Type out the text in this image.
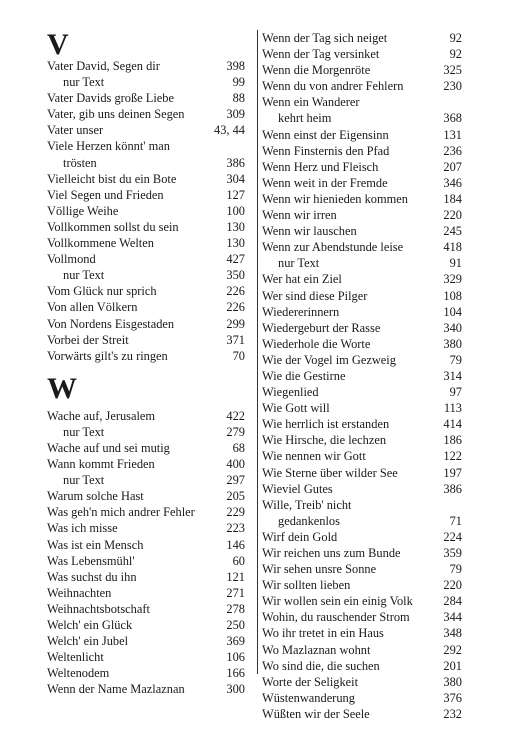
V
Vater David, Segen dir	398
nur Text	99
Vater Davids große Liebe	88
Vater, gib uns deinen Segen	309
Vater unser	43, 44
Viele Herzen könnt' man
trösten	386
Vielleicht bist du ein Bote	304
Viel Segen und Frieden	127
Völlige Weihe	100
Vollkommen sollst du sein	130
Vollkommene Welten	130
Vollmond	427
nur Text	350
Vom Glück nur sprich	226
Von allen Völkern	226
Von Nordens Eisgestaden	299
Vorbei der Streit	371
Vorwärts gilt's zu ringen	70
W
Wache auf, Jerusalem	422
nur Text	279
Wache auf und sei mutig	68
Wann kommt Frieden	400
nur Text	297
Warum solche Hast	205
Was geh'n mich andrer Fehler	229
Was ich misse	223
Was ist ein Mensch	146
Was Lebensmühl'	60
Was suchst du ihn	121
Weihnachten	271
Weihnachtsbotschaft	278
Welch' ein Glück	250
Welch' ein Jubel	369
Weltenlicht	106
Weltenodem	166
Wenn der Name Mazlaznan	300
Wenn der Tag sich neiget	92
Wenn der Tag versinket	92
Wenn die Morgenröte	325
Wenn du von andrer Fehlern	230
Wenn ein Wanderer
kehrt heim	368
Wenn einst der Eigensinn	131
Wenn Finsternis den Pfad	236
Wenn Herz und Fleisch	207
Wenn weit in der Fremde	346
Wenn wir hienieden kommen	184
Wenn wir irren	220
Wenn wir lauschen	245
Wenn zur Abendstunde leise	418
nur Text	91
Wer hat ein Ziel	329
Wer sind diese Pilger	108
Wiedererinnern	104
Wiedergeburt der Rasse	340
Wiederhole die Worte	380
Wie der Vogel im Gezweig	79
Wie die Gestirne	314
Wiegenlied	97
Wie Gott will	113
Wie herrlich ist erstanden	414
Wie Hirsche, die lechzen	186
Wie nennen wir Gott	122
Wie Sterne über wilder See	197
Wieviel Gutes	386
Wille, Treib' nicht
gedankenlos	71
Wirf dein Gold	224
Wir reichen uns zum Bunde	359
Wir sehen unsre Sonne	79
Wir sollten lieben	220
Wir wollen sein ein einig Volk 284
Wohin, du rauschender Strom	344
Wo ihr tretet in ein Haus	348
Wo Mazlaznan wohnt	292
Wo sind die, die suchen	201
Worte der Seligkeit	380
Wüstenwanderung	376
Wüßten wir der Seele	232
